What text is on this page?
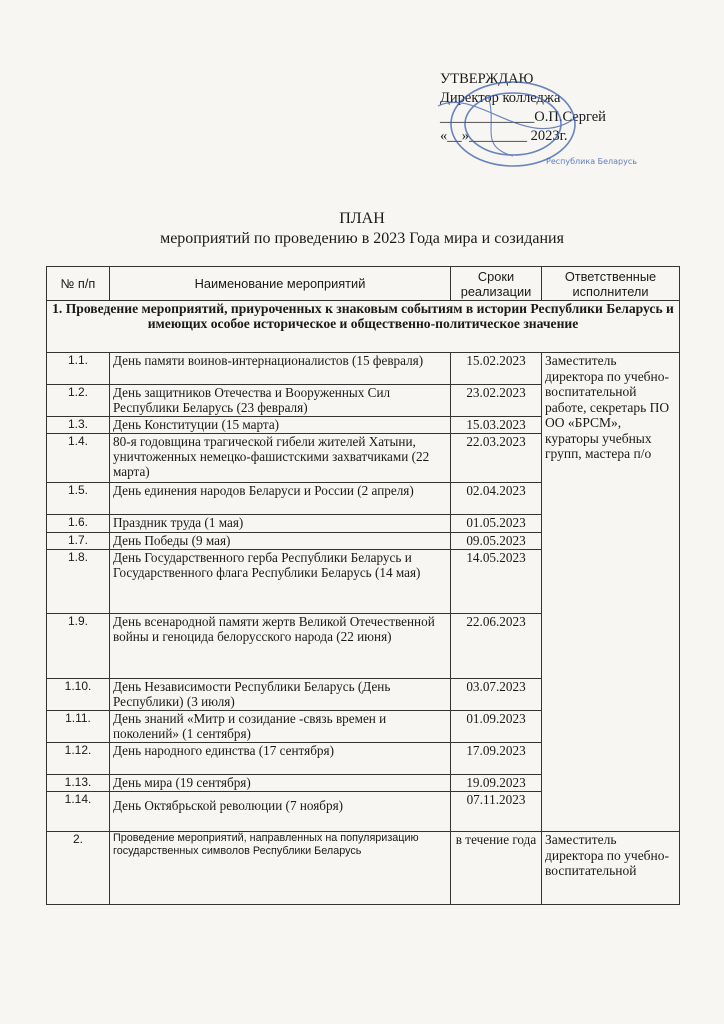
УТВЕРЖДАЮ
Директор колледжа
_____________О.П.Сергей
«__»________ 2023г.
Республика Беларусь
ПЛАН
мероприятий по проведению в 2023 Года мира и созидания
№ п/п	Наименование мероприятий	Сроки реализации	Ответственные исполнители
1. Проведение мероприятий, приуроченных к знаковым событиям в истории Республики Беларусь и имеющих особое историческое и общественно-политическое значение			
1.1.	День памяти воинов-интернационалистов (15 февраля)	15.02.2023	Заместитель директора по учебно-воспитательной работе, секретарь ПО ОО «БРСМ», кураторы учебных групп, мастера п/о
1.2.	День защитников Отечества и Вооруженных Сил Республики Беларусь (23 февраля)	23.02.2023	
1.3.	День Конституции (15 марта)	15.03.2023	
1.4.	80-я годовщина трагической гибели жителей Хатыни, уничтоженных немецко-фашистскими захватчиками (22 марта)	22.03.2023	
1.5.	День единения народов Беларуси и России (2 апреля)	02.04.2023	
1.6.	Праздник труда (1 мая)	01.05.2023	
1.7.	День Победы (9 мая)	09.05.2023	
1.8.	День Государственного герба Республики Беларусь и Государственного флага Республики Беларусь (14 мая)	14.05.2023	
1.9.	День всенародной памяти жертв Великой Отечественной войны и геноцида белорусского народа (22 июня)	22.06.2023	
1.10.	День Независимости Республики Беларусь (День Республики) (3 июля)	03.07.2023	
1.11.	День знаний «Митр и созидание -связь времен и поколений» (1 сентября)	01.09.2023	
1.12.	День народного единства (17 сентября)	17.09.2023	
1.13.	День мира (19 сентября)	19.09.2023	
1.14.	День Октябрьской революции (7 ноября)	07.11.2023	
2.	Проведение мероприятий, направленных на популяризацию государственных символов Республики Беларусь	в течение года	Заместитель директора по учебно-воспитательной
